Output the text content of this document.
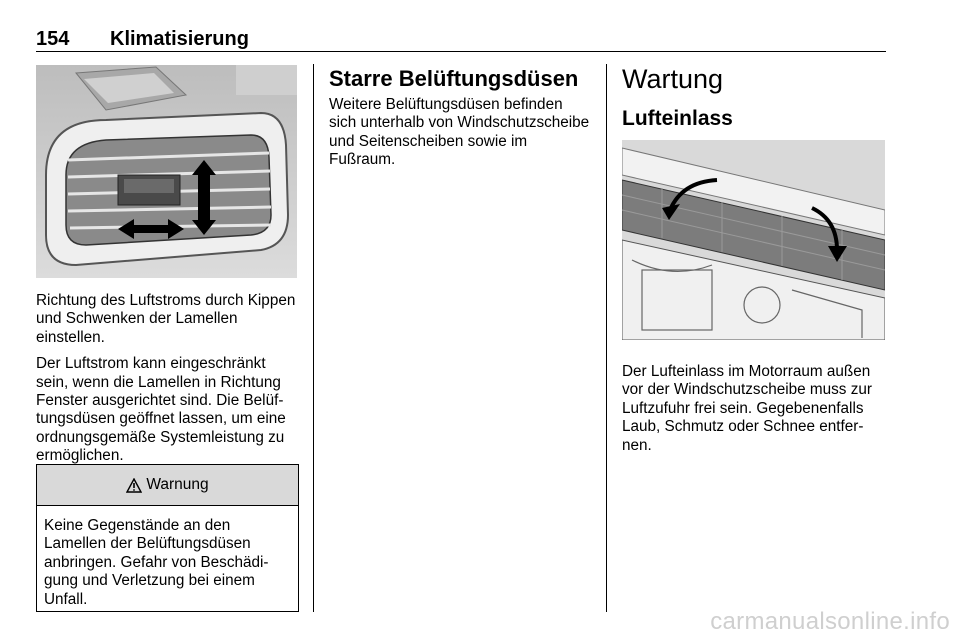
154 Klimatisierung

Richtung des Luftstroms durch Kippen und Schwenken der Lamellen einstellen.

Der Luftstrom kann eingeschränkt sein, wenn die Lamellen in Richtung Fenster ausgerichtet sind. Die Belüftungsdüsen geöffnet lassen, um eine ordnungsgemäße Systemleistung zu ermöglichen.

Warnung
Keine Gegenstände an den Lamellen der Belüftungsdüsen anbringen. Gefahr von Beschädigung und Verletzung bei einem Unfall.
Starre Belüftungsdüsen
Weitere Belüftungsdüsen befinden sich unterhalb von Windschutzscheibe und Seitenscheiben sowie im Fußraum.
Wartung
Lufteinlass
Der Lufteinlass im Motorraum außen vor der Windschutzscheibe muss zur Luftzufuhr frei sein. Gegebenenfalls Laub, Schmutz oder Schnee entfernen.
carmanualsonline.info
